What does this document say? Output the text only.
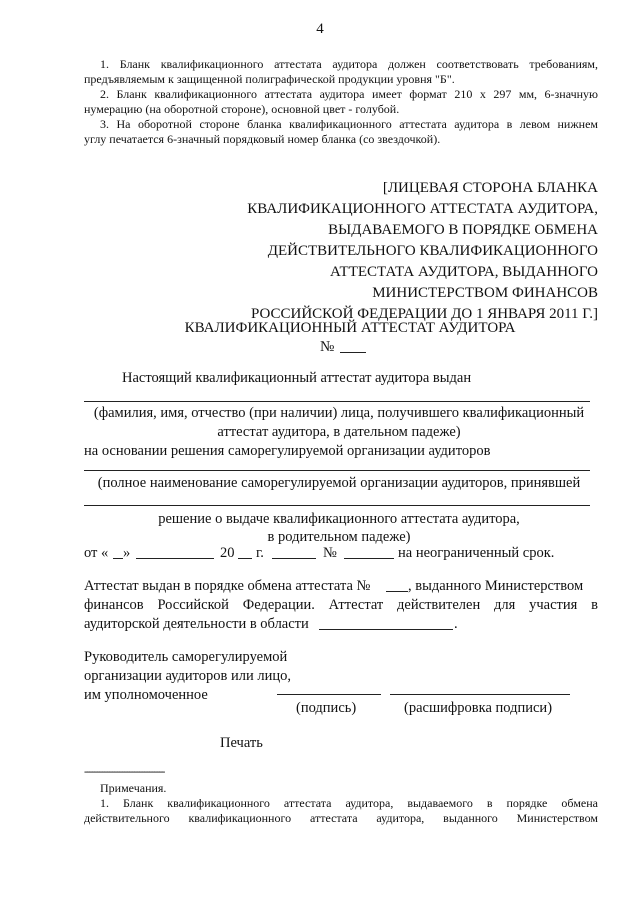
4
1. Бланк квалификационного аттестата аудитора должен соответствовать требованиям,
предъявляемым к защищенной полиграфической продукции уровня "Б".
2. Бланк квалификационного аттестата аудитора имеет формат 210 х 297 мм, 6-значную
нумерацию (на оборотной стороне), основной цвет - голубой.
3. На оборотной стороне бланка квалификационного аттестата аудитора в левом нижнем
углу печатается 6-значный порядковый номер бланка (со звездочкой).
[ЛИЦЕВАЯ СТОРОНА БЛАНКА
КВАЛИФИКАЦИОННОГО АТТЕСТАТА АУДИТОРА,
ВЫДАВАЕМОГО В ПОРЯДКЕ ОБМЕНА
ДЕЙСТВИТЕЛЬНОГО КВАЛИФИКАЦИОННОГО
АТТЕСТАТА АУДИТОРА, ВЫДАННОГО
МИНИСТЕРСТВОМ ФИНАНСОВ
РОССИЙСКОЙ ФЕДЕРАЦИИ ДО 1 ЯНВАРЯ 2011 Г.]
КВАЛИФИКАЦИОННЫЙ АТТЕСТАТ АУДИТОРА
№
Настоящий квалификационный аттестат аудитора выдан
(фамилия, имя, отчество (при наличии) лица, получившего квалификационный
аттестат аудитора, в дательном падеже)
на основании решения саморегулируемой организации аудиторов
(полное наименование саморегулируемой организации аудиторов, принявшей
решение о выдаче квалификационного аттестата аудитора,
в родительном падеже)
от « »	20 г.	№	на неограниченный срок.
Аттестат выдан в порядке обмена аттестата №	, выданного Министерством
финансов Российской Федерации. Аттестат действителен для участия в
аудиторской деятельности в области	.
Руководитель саморегулируемой
организации аудиторов или лицо,
им уполномоченное
(подпись)	(расшифровка подписи)
Печать
--------------------------------
Примечания.
1. Бланк квалификационного аттестата аудитора, выдаваемого в порядке обмена
действительного квалификационного аттестата аудитора, выданного Министерством
